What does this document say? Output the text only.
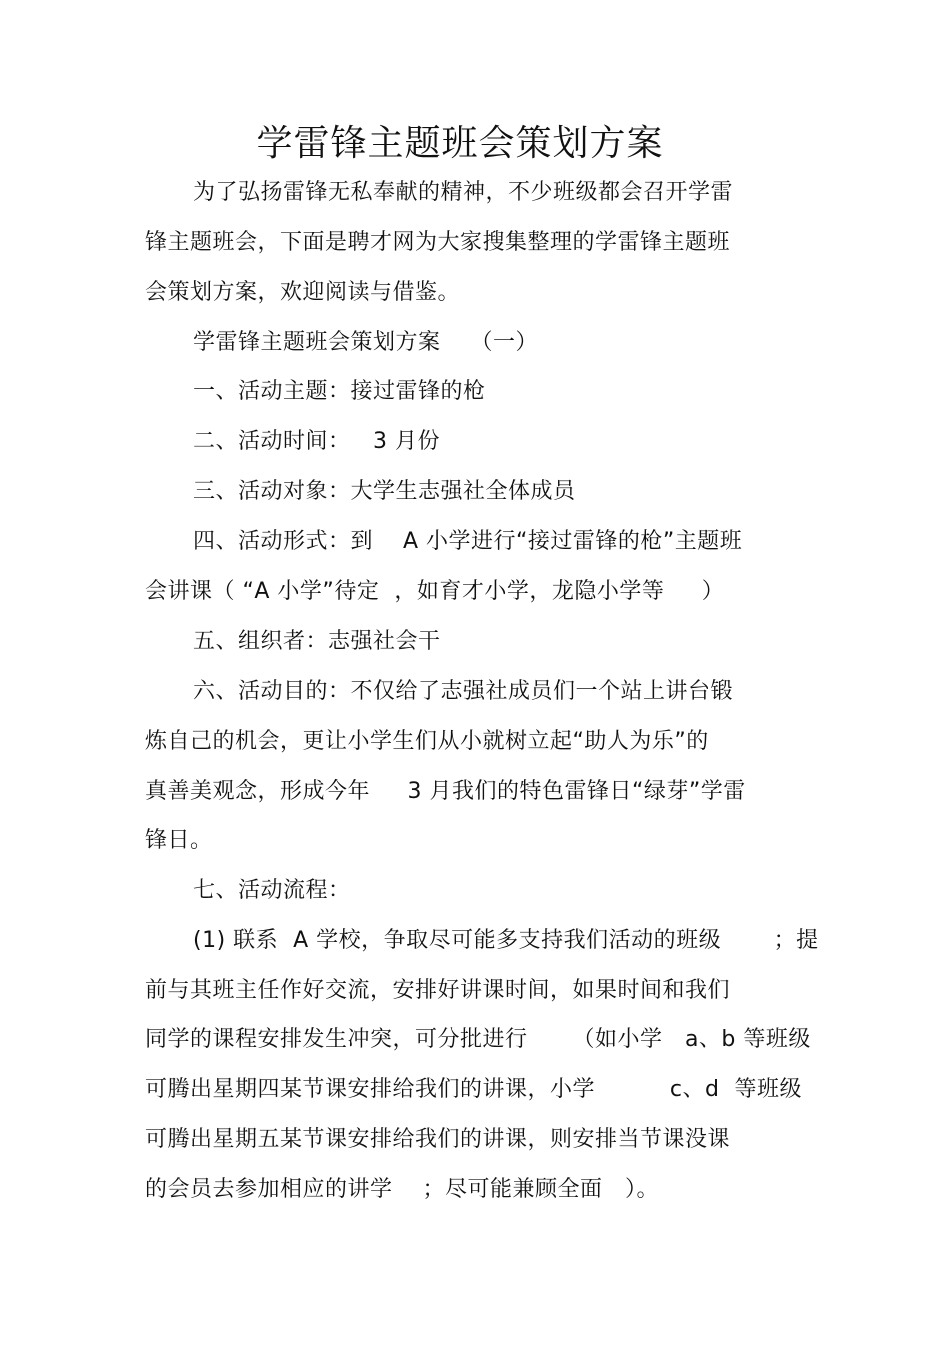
学雷锋主题班会策划方案
为了弘扬雷锋无私奉献的精神，不少班级都会召开学雷
锋主题班会，下面是聘才网为大家搜集整理的学雷锋主题班
会策划方案，欢迎阅读与借鉴。
学雷锋主题班会策划方案    （一）
一、活动主题：接过雷锋的枪
二、活动时间：   3 月份
三、活动对象：大学生志强社全体成员
四、活动形式：到    A 小学进行“接过雷锋的枪”主题班
会讲课（ “A 小学”待定  ，如育才小学，龙隐小学等     ）
五、组织者：志强社会干
六、活动目的：不仅给了志强社成员们一个站上讲台锻
炼自己的机会，更让小学生们从小就树立起“助人为乐”的
真善美观念，形成今年     3 月我们的特色雷锋日“绿芽”学雷
锋日。
七、活动流程：
(1) 联系  A 学校，争取尽可能多支持我们活动的班级       ；提
前与其班主任作好交流，安排好讲课时间，如果时间和我们
同学的课程安排发生冲突，可分批进行      （如小学   a、b 等班级
可腾出星期四某节课安排给我们的讲课，小学          c、d  等班级
可腾出星期五某节课安排给我们的讲课，则安排当节课没课
的会员去参加相应的讲学    ；尽可能兼顾全面   ）。
